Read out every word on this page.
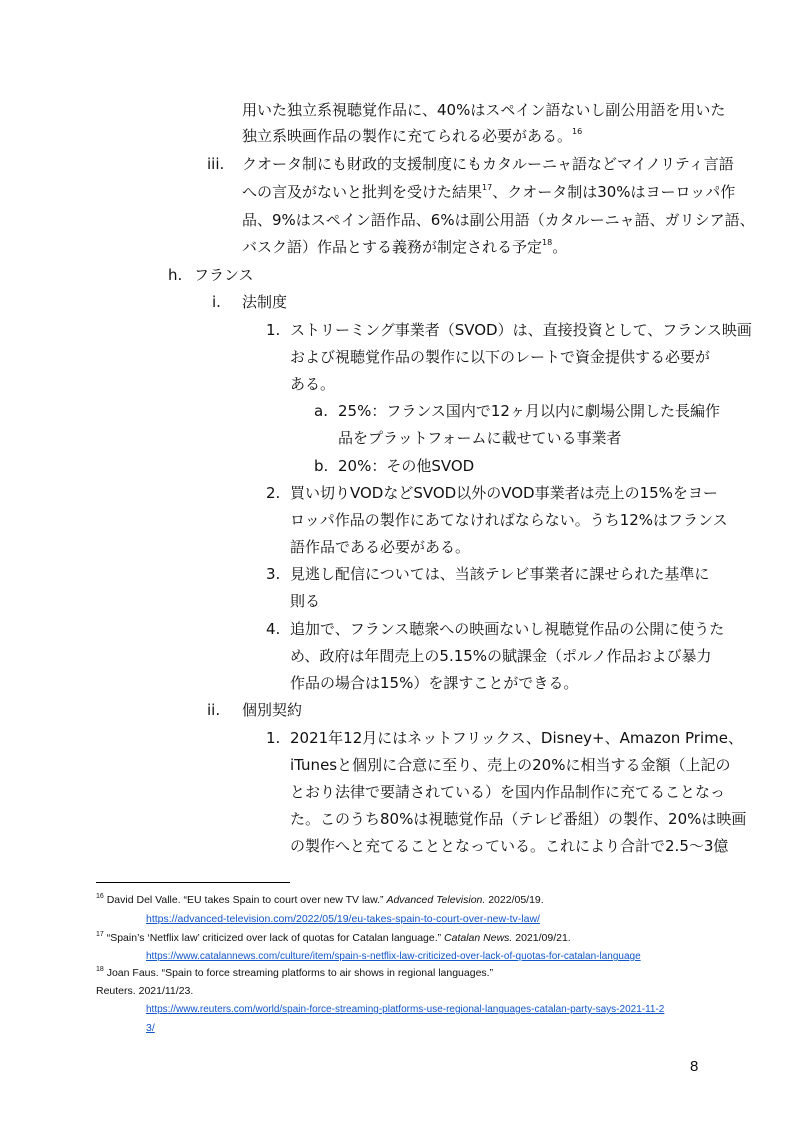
用いた独立系視聴覚作品に、40%はスペイン語ないし副公用語を用いた
独立系映画作品の製作に充てられる必要がある。$^{16}$
iii. クオータ制にも財政的支援制度にもカタルーニャ語などマイノリティ言語
への言及がないと批判を受けた結果$^{17}$、クオータ制は30%はヨーロッパ作
品、9%はスペイン語作品、6%は副公用語（カタルーニャ語、ガリシア語、
バスク語）作品とする義務が制定される予定$^{18}$。
h. フランス
i. 法制度
1. ストリーミング事業者（SVOD）は、直接投資として、フランス映画
および視聴覚作品の製作に以下のレートで資金提供する必要が
ある。
a. 25%：フランス国内で12ヶ月以内に劇場公開した長編作
品をプラットフォームに載せている事業者
b. 20%：その他SVOD
2. 買い切りVODなどSVOD以外のVOD事業者は売上の15%をヨー
ロッパ作品の製作にあてなければならない。うち12%はフランス
語作品である必要がある。
3. 見逃し配信については、当該テレビ事業者に課せられた基準に
則る
4. 追加で、フランス聴衆への映画ないし視聴覚作品の公開に使うた
め、政府は年間売上の5.15%の賦課金（ポルノ作品および暴力
作品の場合は15%）を課すことができる。
ii. 個別契約
1. 2021年12月にはネットフリックス、Disney+、Amazon Prime、
iTunesと個別に合意に至り、売上の20%に相当する金額（上記の
とおり法律で要請されている）を国内作品制作に充てることなっ
た。このうち80%は視聴覚作品（テレビ番組）の製作、20%は映画
の製作へと充てることとなっている。これにより合計で2.5〜3億
$^{16}$ David Del Valle. “EU takes Spain to court over new TV law.” Advanced Television. 2022/05/19.
https://advanced-television.com/2022/05/19/eu-takes-spain-to-court-over-new-tv-law/
$^{17}$ “Spain’s ‘Netflix law’ criticized over lack of quotas for Catalan language.” Catalan News. 2021/09/21.
https://www.catalannews.com/culture/item/spain-s-netflix-law-criticized-over-lack-of-quotas-for-catalan-language
$^{18}$ Joan Faus. “Spain to force streaming platforms to air shows in regional languages.”
Reuters. 2021/11/23.
https://www.reuters.com/world/spain-force-streaming-platforms-use-regional-languages-catalan-party-says-2021-11-2
3/
8
